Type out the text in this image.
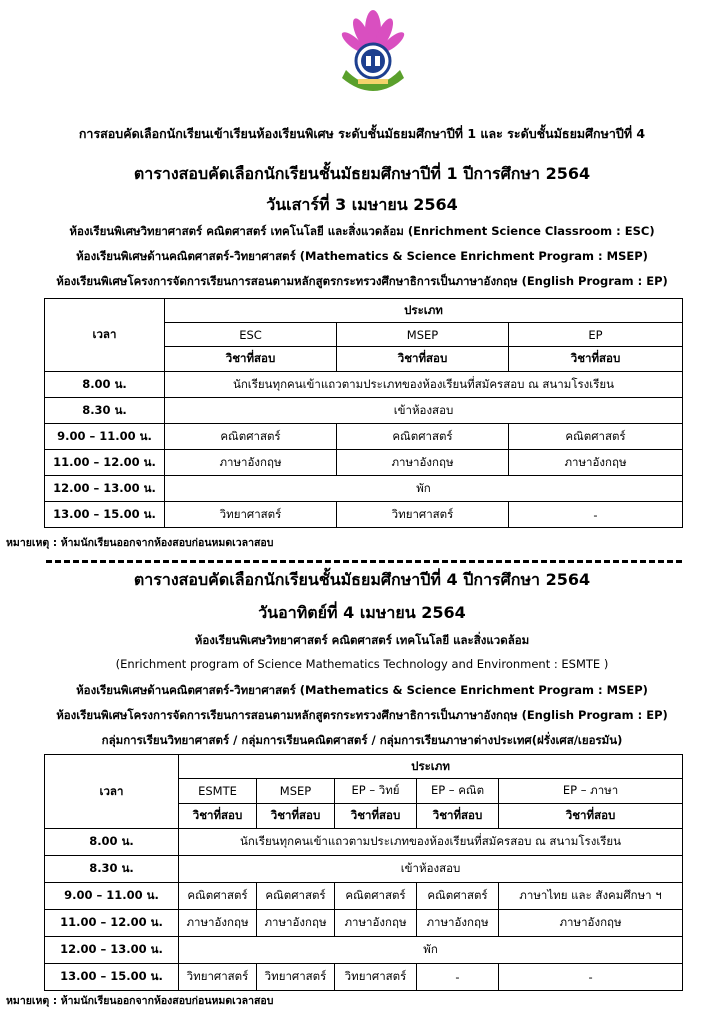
การสอบคัดเลือกนักเรียนเข้าเรียนห้องเรียนพิเศษ ระดับชั้นมัธยมศึกษาปีที่ 1 และ ระดับชั้นมัธยมศึกษาปีที่ 4
ตารางสอบคัดเลือกนักเรียนชั้นมัธยมศึกษาปีที่ 1 ปีการศึกษา 2564
วันเสาร์ที่ 3 เมษายน 2564
ห้องเรียนพิเศษวิทยาศาสตร์ คณิตศาสตร์ เทคโนโลยี และสิ่งแวดล้อม (Enrichment Science Classroom : ESC)
ห้องเรียนพิเศษด้านคณิตศาสตร์-วิทยาศาสตร์ (Mathematics & Science Enrichment Program : MSEP)
ห้องเรียนพิเศษโครงการจัดการเรียนการสอนตามหลักสูตรกระทรวงศึกษาธิการเป็นภาษาอังกฤษ (English Program : EP)
เวลา	ประเภท		
	ESC	MSEP	EP
	วิชาที่สอบ	วิชาที่สอบ	วิชาที่สอบ
8.00 น.	นักเรียนทุกคนเข้าแถวตามประเภทของห้องเรียนที่สมัครสอบ ณ สนามโรงเรียน		
8.30 น.	เข้าห้องสอบ		
9.00 – 11.00 น.	คณิตศาสตร์	คณิตศาสตร์	คณิตศาสตร์
11.00 – 12.00 น.	ภาษาอังกฤษ	ภาษาอังกฤษ	ภาษาอังกฤษ
12.00 – 13.00 น.	พัก		
13.00 – 15.00 น.	วิทยาศาสตร์	วิทยาศาสตร์	-
หมายเหตุ : ห้ามนักเรียนออกจากห้องสอบก่อนหมดเวลาสอบ
ตารางสอบคัดเลือกนักเรียนชั้นมัธยมศึกษาปีที่ 4 ปีการศึกษา 2564
วันอาทิตย์ที่ 4 เมษายน 2564
ห้องเรียนพิเศษวิทยาศาสตร์ คณิตศาสตร์ เทคโนโลยี และสิ่งแวดล้อม
(Enrichment program of Science Mathematics Technology and Environment : ESMTE )
ห้องเรียนพิเศษด้านคณิตศาสตร์-วิทยาศาสตร์ (Mathematics & Science Enrichment Program : MSEP)
ห้องเรียนพิเศษโครงการจัดการเรียนการสอนตามหลักสูตรกระทรวงศึกษาธิการเป็นภาษาอังกฤษ (English Program : EP)
กลุ่มการเรียนวิทยาศาสตร์ / กลุ่มการเรียนคณิตศาสตร์ / กลุ่มการเรียนภาษาต่างประเทศ(ฝรั่งเศส/เยอรมัน)
เวลา	ประเภท				
	ESMTE	MSEP	EP – วิทย์	EP – คณิต	EP – ภาษา
	วิชาที่สอบ	วิชาที่สอบ	วิชาที่สอบ	วิชาที่สอบ	วิชาที่สอบ
8.00 น.	นักเรียนทุกคนเข้าแถวตามประเภทของห้องเรียนที่สมัครสอบ ณ สนามโรงเรียน				
8.30 น.	เข้าห้องสอบ				
9.00 – 11.00 น.	คณิตศาสตร์	คณิตศาสตร์	คณิตศาสตร์	คณิตศาสตร์	ภาษาไทย และ สังคมศึกษา ฯ
11.00 – 12.00 น.	ภาษาอังกฤษ	ภาษาอังกฤษ	ภาษาอังกฤษ	ภาษาอังกฤษ	ภาษาอังกฤษ
12.00 – 13.00 น.	พัก				
13.00 – 15.00 น.	วิทยาศาสตร์	วิทยาศาสตร์	วิทยาศาสตร์	-	-
หมายเหตุ : ห้ามนักเรียนออกจากห้องสอบก่อนหมดเวลาสอบ
